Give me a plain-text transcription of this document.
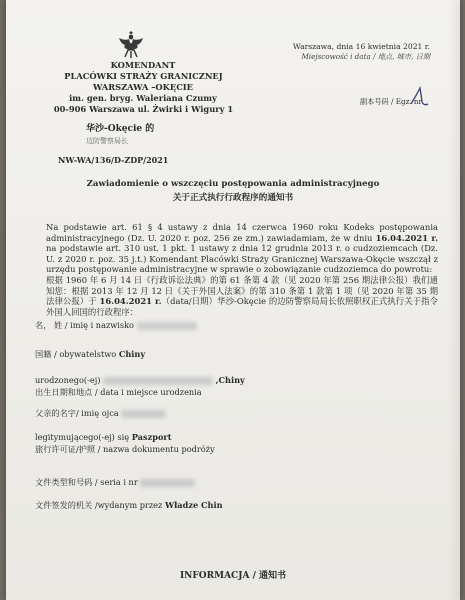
KOMENDANT
PLACÓWKI STRAŻY GRANICZNEJ
WARSZAWA –OKĘCIE
im. gen. bryg. Waleriana Czumy
00-906 Warszawa ul. Żwirki i Wigury 1
Warszawa, dnia 16 kwietnia 2021 r.
Miejscowość i data / 地点, 城市, 日期
副本号码 / Egz. nr
华沙-Okęcie 的
边防警察局长
NW-WA/136/D-ZDP/2021
Zawiadomienie o wszczęciu postępowania administracyjnego
关于正式执行行政程序的通知书
Na podstawie art. 61 § 4 ustawy z dnia 14 czerwca 1960 roku Kodeks postępowania administracyjnego (Dz. U. 2020 r. poz. 256 ze zm.) zawiadamiam, że w dniu 16.04.2021 r. na podstawie art. 310 ust. 1 pkt. 1 ustawy z dnia 12 grudnia 2013 r. o cudzoziemcach (Dz. U. z 2020 r. poz. 35 j.t.) Komendant Placówki Straży Granicznej Warszawa-Okęcie wszczął z urzędu postępowanie administracyjne w sprawie o zobowiązanie cudzoziemca do powrotu:
根据 1960 年 6 月 14 日《行政诉讼法典》的第 61 条第 4 款（见 2020 年第 256 期法律公报）我们通知您：根据 2013 年 12 月 12 日《关于外国人法案》的第 310 条第 1 款第 1 项（见 2020 年第 35 期法律公报）于 16.04.2021 r.（data/日期）华沙-Okęcie 的边防警察局局长依照职权正式执行关于指令外国人回国的行政程序：
名， 姓 / imię i nazwisko
国籍 / obywatelstwo Chiny
urodzonego(-ej)	,Chiny
出生日期和地点 / data i miejsce urodzenia
父亲的名字/ imię ojca
legitymującego(-ej) się Paszport
旅行许可证/护照 / nazwa dokumentu podróży
文件类型和号码 / seria i nr
文件签发的机关 /wydanym przez Władze Chin
INFORMACJA / 通知书
